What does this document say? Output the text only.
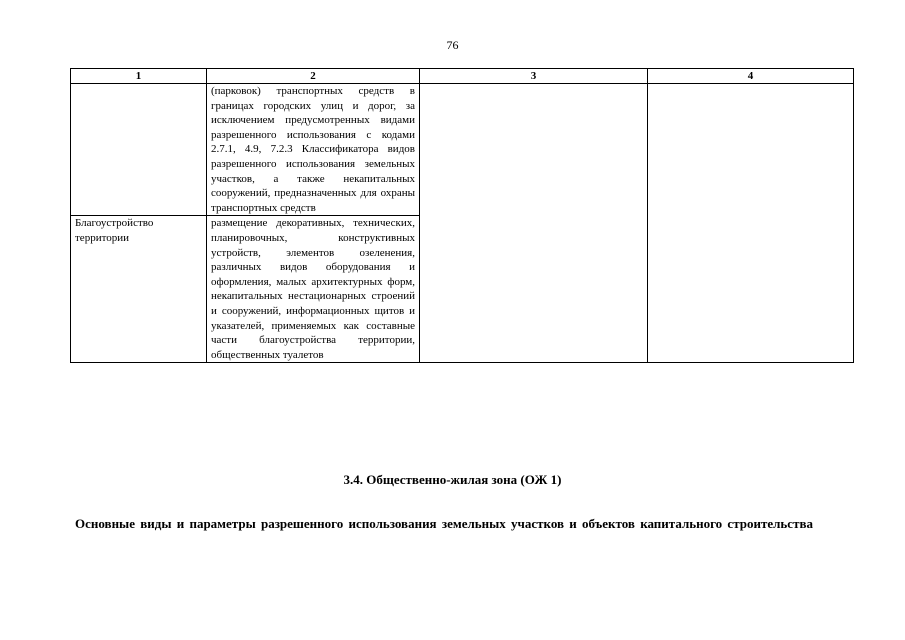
76
1	2	3	4

	(парковок) транспортных средств в границах городских улиц и дорог, за исключением предусмотренных видами разрешенного использования с кодами 2.7.1, 4.9, 7.2.3 Классификатора видов разрешенного использования земельных участков, а также некапитальных сооружений, предназначенных для охраны транспортных средств		

Благоустройство территории	размещение декоративных, технических, планировочных, конструктивных устройств, элементов озеленения, различных видов оборудования и оформления, малых архитектурных форм, некапитальных нестационарных строений и сооружений, информационных щитов и указателей, применяемых как составные части благоустройства территории, общественных туалетов		
3.4. Общественно-жилая зона (ОЖ 1)
Основные виды и параметры разрешенного использования земельных участков и объектов капитального строительства
